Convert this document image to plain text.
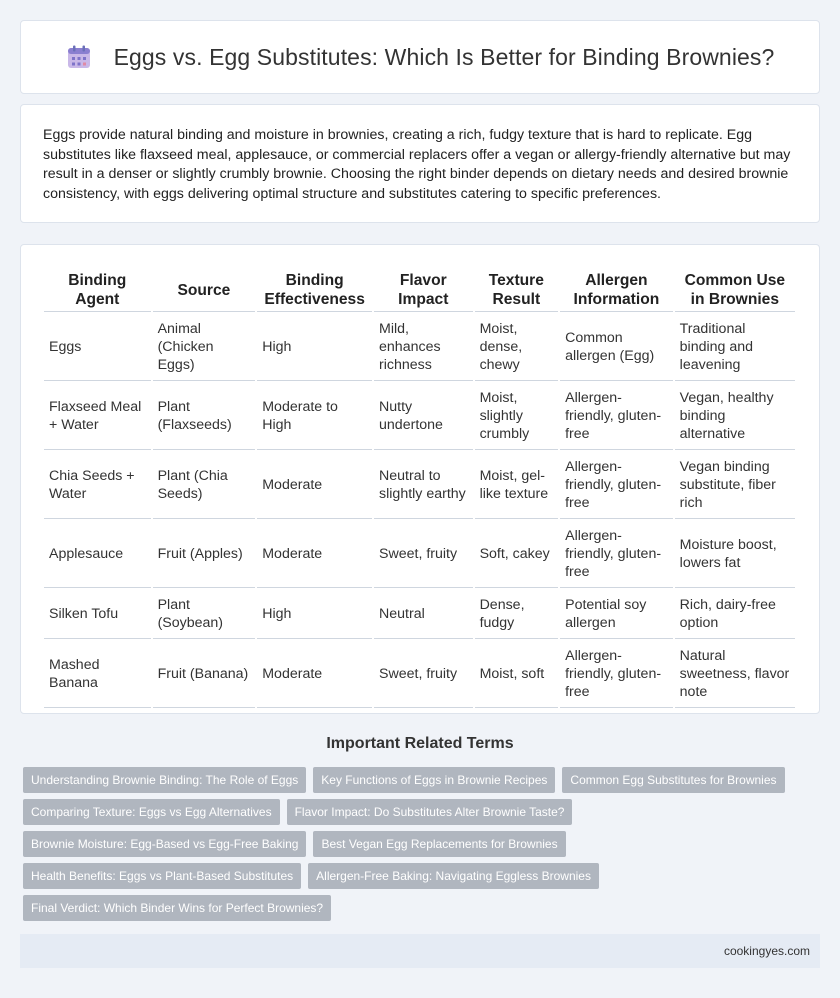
Eggs vs. Egg Substitutes: Which Is Better for Binding Brownies?

Eggs provide natural binding and moisture in brownies, creating a rich, fudgy texture that is hard to replicate. Egg substitutes like flaxseed meal, applesauce, or commercial replacers offer a vegan or allergy-friendly alternative but may result in a denser or slightly crumbly brownie. Choosing the right binder depends on dietary needs and desired brownie consistency, with eggs delivering optimal structure and substitutes catering to specific preferences.

Binding Agent	Source	Binding Effectiveness	Flavor Impact	Texture Result	Allergen Information	Common Use in Brownies
Eggs	Animal (Chicken Eggs)	High	Mild, enhances richness	Moist, dense, chewy	Common allergen (Egg)	Traditional binding and leavening
Flaxseed Meal + Water	Plant (Flaxseeds)	Moderate to High	Nutty undertone	Moist, slightly crumbly	Allergen-friendly, gluten-free	Vegan, healthy binding alternative
Chia Seeds + Water	Plant (Chia Seeds)	Moderate	Neutral to slightly earthy	Moist, gel-like texture	Allergen-friendly, gluten-free	Vegan binding substitute, fiber rich
Applesauce	Fruit (Apples)	Moderate	Sweet, fruity	Soft, cakey	Allergen-friendly, gluten-free	Moisture boost, lowers fat
Silken Tofu	Plant (Soybean)	High	Neutral	Dense, fudgy	Potential soy allergen	Rich, dairy-free option
Mashed Banana	Fruit (Banana)	Moderate	Sweet, fruity	Moist, soft	Allergen-friendly, gluten-free	Natural sweetness, flavor note
Important Related Terms
Understanding Brownie Binding: The Role of Eggs	Key Functions of Eggs in Brownie Recipes	Common Egg Substitutes for Brownies
Comparing Texture: Eggs vs Egg Alternatives	Flavor Impact: Do Substitutes Alter Brownie Taste?
Brownie Moisture: Egg-Based vs Egg-Free Baking	Best Vegan Egg Replacements for Brownies
Health Benefits: Eggs vs Plant-Based Substitutes	Allergen-Free Baking: Navigating Eggless Brownies
Final Verdict: Which Binder Wins for Perfect Brownies?
cookingyes.com
